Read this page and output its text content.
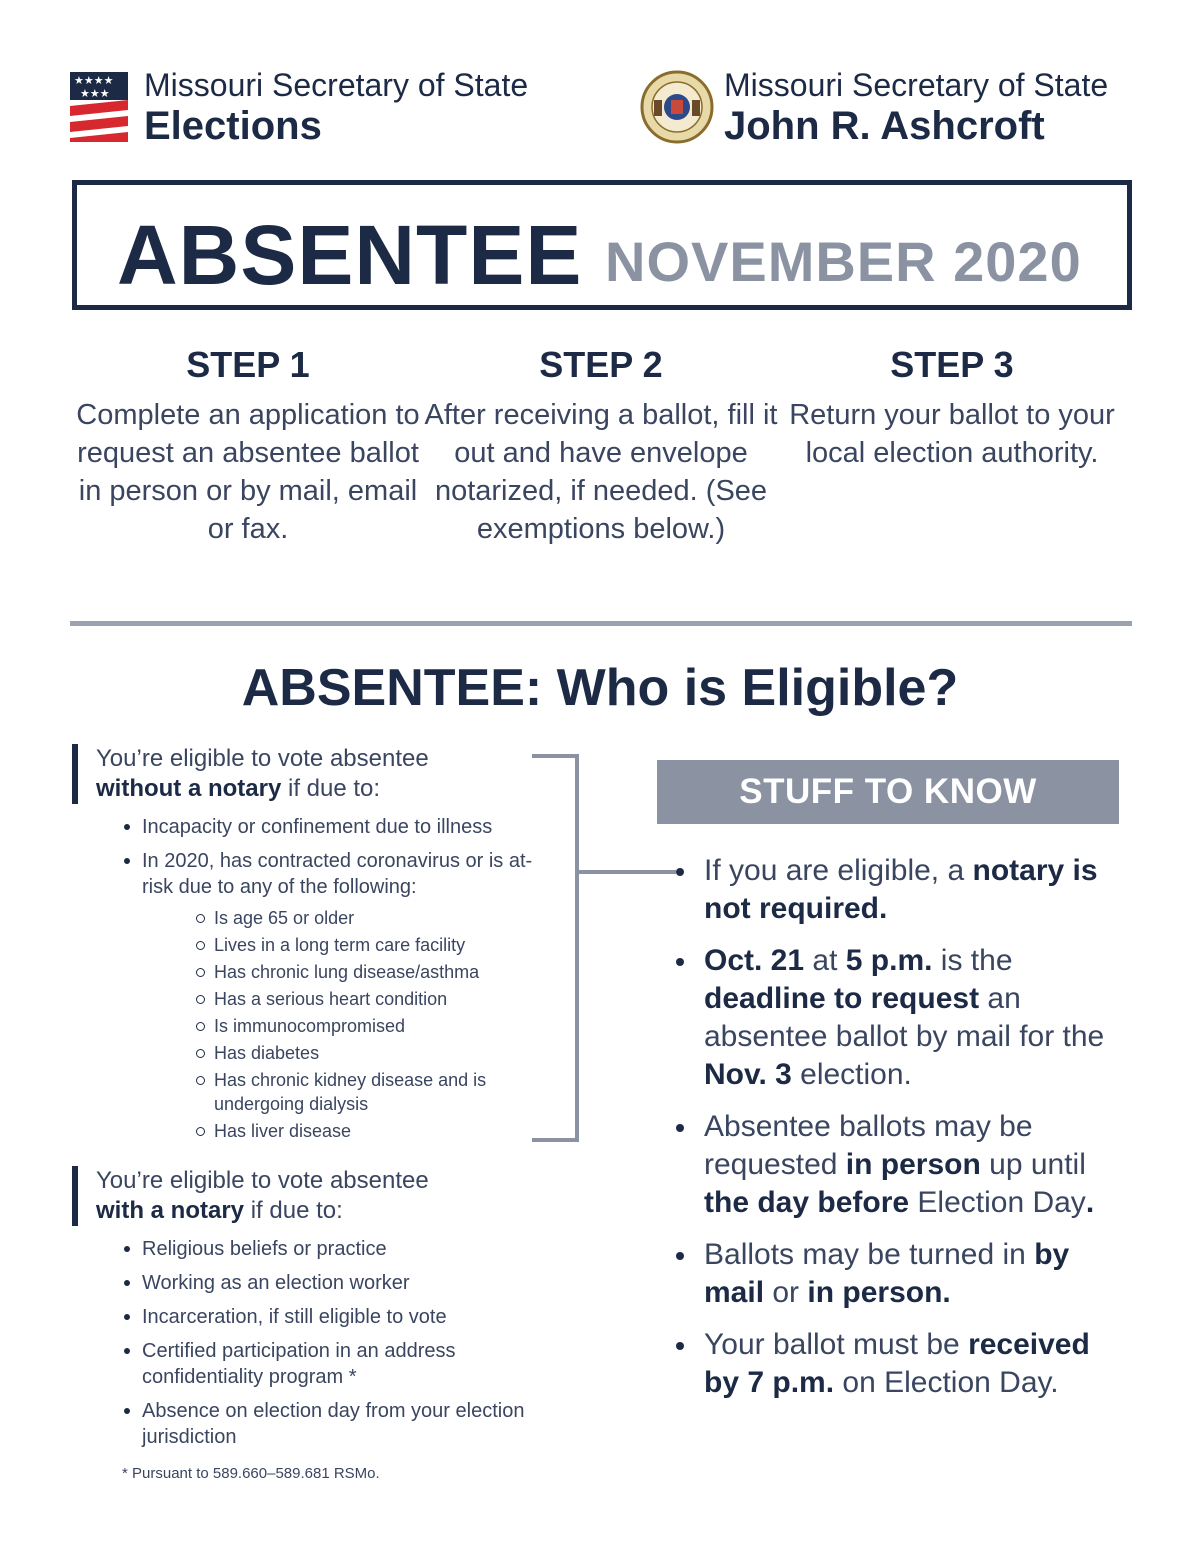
★★★★
★★★ Missouri Secretary of State
Elections
Missouri Secretary of State
John R. Ashcroft
ABSENTEE NOVEMBER 2020
STEP 1

Complete an application to request an absentee ballot in person or by mail, email or fax.

STEP 2

After receiving a ballot, fill it out and have envelope notarized, if needed. (See exemptions below.)

STEP 3

Return your ballot to your local election authority.

ABSENTEE: Who is Eligible?
You’re eligible to vote absentee
without a notary if due to:
Incapacity or confinement due to illness
In 2020, has contracted coronavirus or is at-risk due to any of the following:
Is age 65 or older
Lives in a long term care facility
Has chronic lung disease/asthma
Has a serious heart condition
Is immunocompromised
Has diabetes
Has chronic kidney disease and is undergoing dialysis
Has liver disease
You’re eligible to vote absentee
with a notary if due to:
Religious beliefs or practice
Working as an election worker
Incarceration, if still eligible to vote
Certified participation in an address confidentiality program *
Absence on election day from your election jurisdiction
* Pursuant to 589.660–589.681 RSMo.
STUFF TO KNOW
If you are eligible, a notary is not required.
Oct. 21 at 5 p.m. is the deadline to request an absentee ballot by mail for the Nov. 3 election.
Absentee ballots may be requested in person up until the day before Election Day.
Ballots may be turned in by mail or in person.
Your ballot must be received by 7 p.m. on Election Day.
